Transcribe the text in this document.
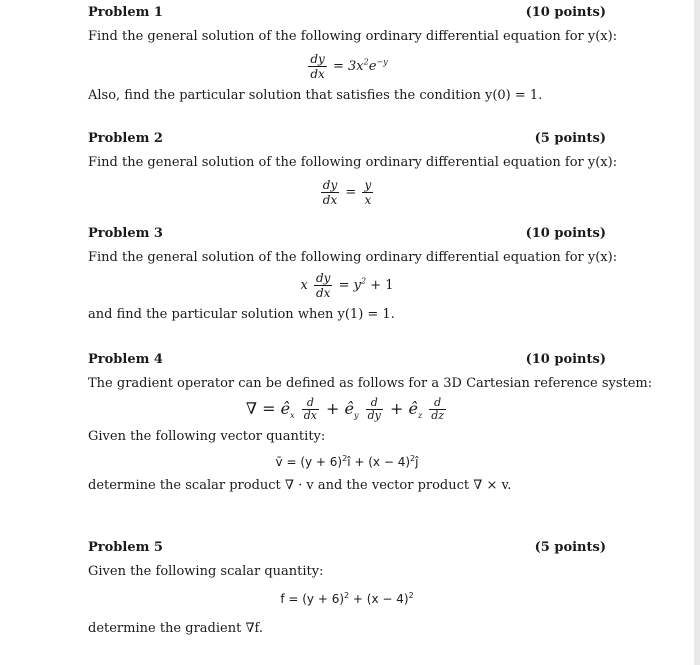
Problem 1	(10 points)
Find the general solution of the following ordinary differential equation for y(x):
$\frac{dy}{dx} = 3x^2e^{-y}$
Also, find the particular solution that satisfies the condition y(0) = 1.
Problem 2	(5 points)
Find the general solution of the following ordinary differential equation for y(x):
$\frac{dy}{dx} = \frac{y}{x}$
Problem 3	(10 points)
Find the general solution of the following ordinary differential equation for y(x):
x $\frac{dy}{dx} = y^2 + 1$
and find the particular solution when y(1) = 1.
Problem 4	(10 points)
The gradient operator can be defined as follows for a 3D Cartesian reference system:
∇ = $ê_x \frac{d}{dx}$ + $ê_y \frac{d}{dy}$ + $ê_z \frac{d}{dz}$
Given the following vector quantity:
v̄ = $(y + 6)^2î + (x$ − $4)^2ĵ$
determine the scalar product ∇ · v and the vector product ∇ × v.
Problem 5	(5 points)
Given the following scalar quantity:
$f = (y + 6)^2 + (x - 4)^2$
determine the gradient ∇f.
